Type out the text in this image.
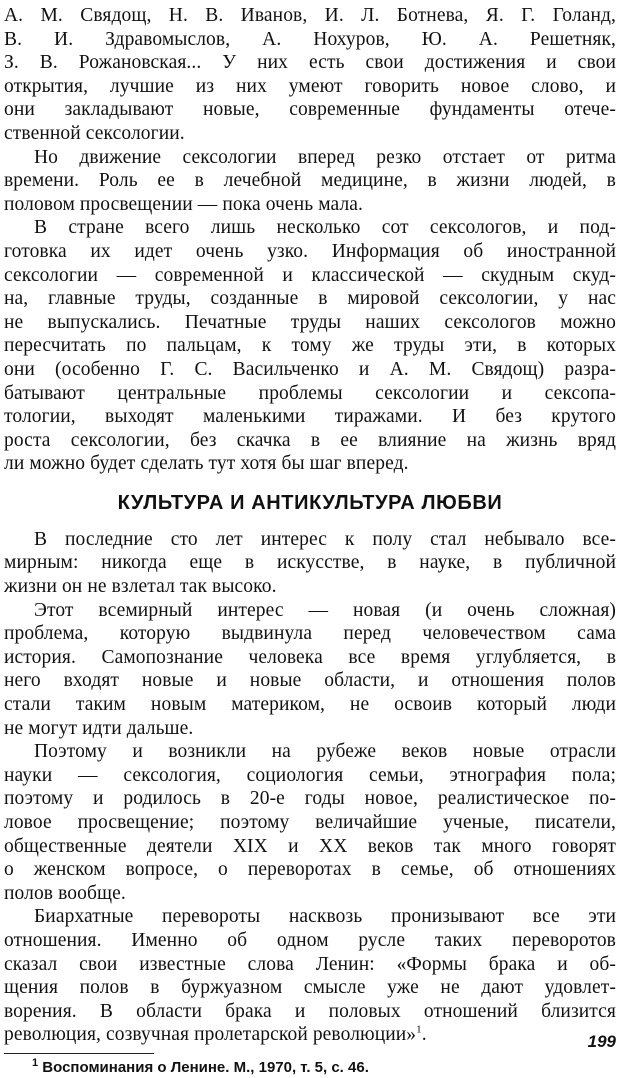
А. М. Свядощ, Н. В. Иванов, И. Л. Ботнева, Я. Г. Голанд,
В. И. Здравомыслов, А. Нохуров, Ю. А. Решетняк,
З. В. Рожановская... У них есть свои достижения и свои
открытия, лучшие из них умеют говорить новое слово, и
они закладывают новые, современные фундаменты отече-
ственной сексологии.
Но движение сексологии вперед резко отстает от ритма
времени. Роль ее в лечебной медицине, в жизни людей, в
половом просвещении — пока очень мала.
В стране всего лишь несколько сот сексологов, и под-
готовка их идет очень узко. Информация об иностранной
сексологии — современной и классической — скудным скуд-
на, главные труды, созданные в мировой сексологии, у нас
не выпускались. Печатные труды наших сексологов можно
пересчитать по пальцам, к тому же труды эти, в которых
они (особенно Г. С. Васильченко и А. М. Свядощ) разра-
батывают центральные проблемы сексологии и сексопа-
тологии, выходят маленькими тиражами. И без крутого
роста сексологии, без скачка в ее влияние на жизнь вряд
ли можно будет сделать тут хотя бы шаг вперед.
КУЛЬТУРА И АНТИКУЛЬТУРА ЛЮБВИ
В последние сто лет интерес к полу стал небывало все-
мирным: никогда еще в искусстве, в науке, в публичной
жизни он не взлетал так высоко.
Этот всемирный интерес — новая (и очень сложная)
проблема, которую выдвинула перед человечеством сама
история. Самопознание человека все время углубляется, в
него входят новые и новые области, и отношения полов
стали таким новым материком, не освоив который люди
не могут идти дальше.
Поэтому и возникли на рубеже веков новые отрасли
науки — сексология, социология семьи, этнография пола;
поэтому и родилось в 20-е годы новое, реалистическое по-
ловое просвещение; поэтому величайшие ученые, писатели,
общественные деятели XIX и XX веков так много говорят
о женском вопросе, о переворотах в семье, об отношениях
полов вообще.
Биархатные перевороты насквозь пронизывают все эти
отношения. Именно об одном русле таких переворотов
сказал свои известные слова Ленин: «Формы брака и об-
щения полов в буржуазном смысле уже не дают удовлет-
ворения. В области брака и половых отношений близится
революция, созвучная пролетарской революции»$^1$.
$^1$ Воспоминания о Ленине. М., 1970, т. 5, с. 46.
199
